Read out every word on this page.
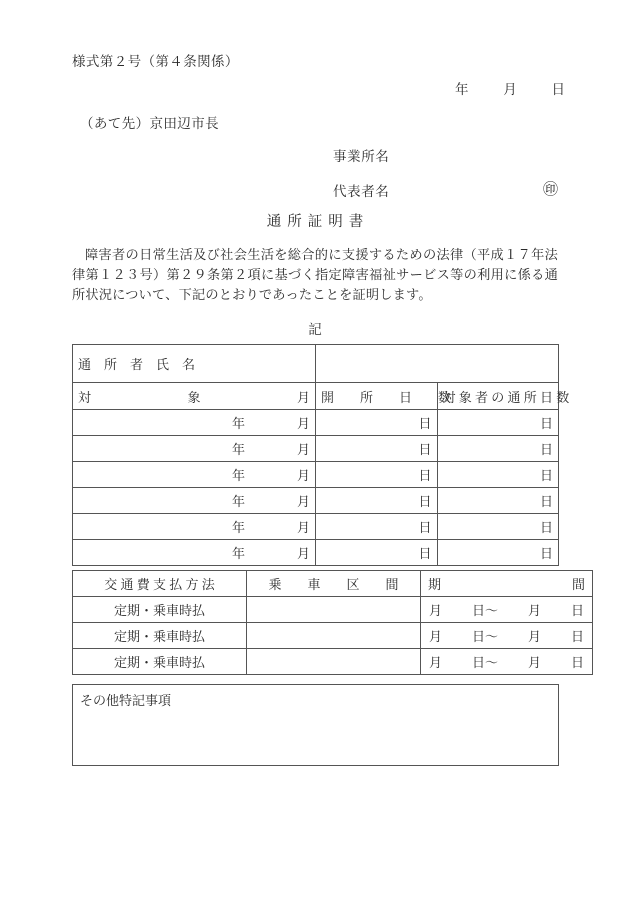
様式第２号（第４条関係）
年	月	日
（あて先）京田辺市長
事業所名
代表者名	㊞
通所証明書
障害者の日常生活及び社会生活を総合的に支援するための法律（平成１７年法律第１２３号）第２９条第２項に基づく指定障害福祉サービス等の利用に係る通所状況について、下記のとおりであったことを証明します。
記
通　所　者　氏　名		

対 象 月	開　　所　　日　　数	対 象 者 の 通 所 日 数

年 月	日	日

年 月	日	日

年 月	日	日

年 月	日	日

年 月	日	日

年 月	日	日
交 通 費 支 払 方 法	乗　　車　　区　　間	期 間

定期・乗車時払		月 日～ 月 日

定期・乗車時払		月 日～ 月 日

定期・乗車時払		月 日～ 月 日
その他特記事項
